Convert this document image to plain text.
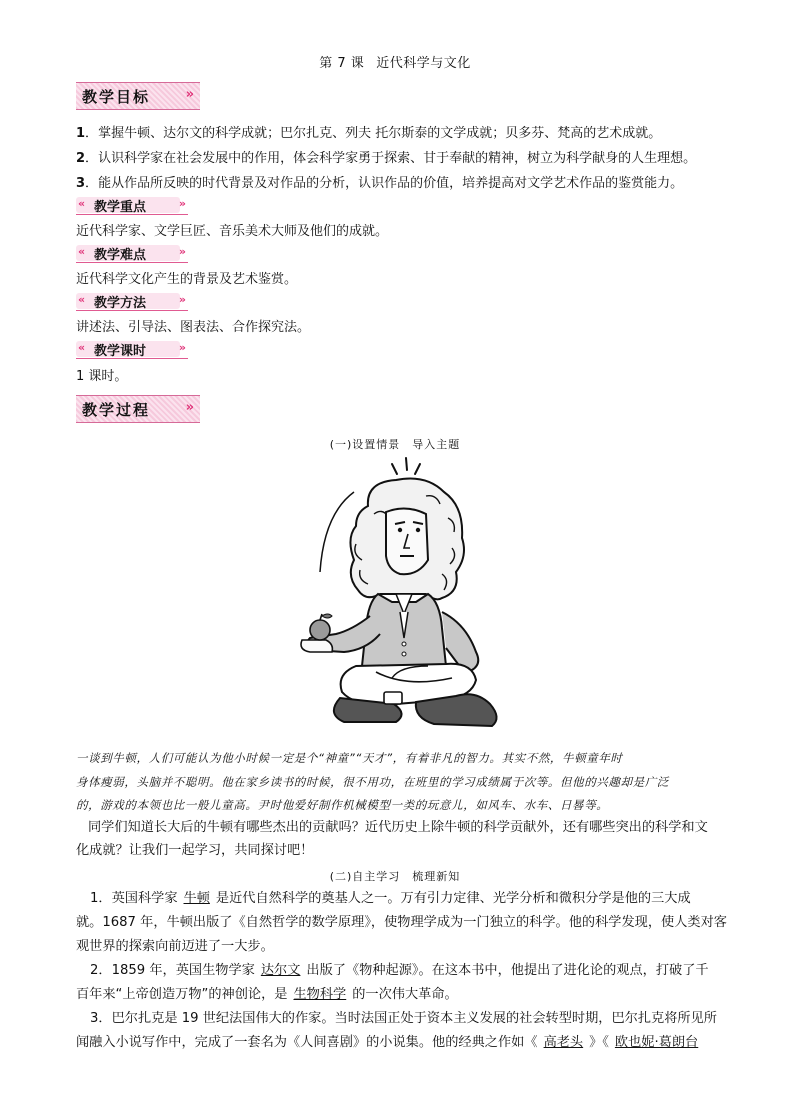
第 7 课 近代科学与文化
教学目标	»
1．掌握牛顿、达尔文的科学成就；巴尔扎克、列夫 托尔斯泰的文学成就；贝多芬、梵高的艺术成就。
2．认识科学家在社会发展中的作用，体会科学家勇于探索、甘于奉献的精神，树立为科学献身的人生理想。
3．能从作品所反映的时代背景及对作品的分析，认识作品的价值，培养提高对文学艺术作品的鉴赏能力。
« 教学重点	»
近代科学家、文学巨匠、音乐美术大师及他们的成就。
« 教学难点	»
近代科学文化产生的背景及艺术鉴赏。
« 教学方法	»
讲述法、引导法、图表法、合作探究法。
« 教学课时	»
1 课时。
教学过程	»
(一)设置情景　导入主题
一谈到牛顿，人们可能认为他小时候一定是个“神童”“天才”，有着非凡的智力。其实不然，牛顿童年时
身体瘦弱，头脑并不聪明。他在家乡读书的时候，很不用功，在班里的学习成绩属于次等。但他的兴趣却是广泛
的，游戏的本领也比一般儿童高。尹时他爱好制作机械模型一类的玩意儿，如风车、水车、日晷等。
同学们知道长大后的牛顿有哪些杰出的贡献吗？近代历史上除牛顿的科学贡献外，还有哪些突出的科学和文
化成就？让我们一起学习，共同探讨吧！
(二)自主学习　梳理新知
1．英国科学家 牛顿 是近代自然科学的奠基人之一。万有引力定律、光学分析和微积分学是他的三大成
就。1687 年，牛顿出版了《自然哲学的数学原理》，使物理学成为一门独立的科学。他的科学发现，使人类对客
观世界的探索向前迈进了一大步。
2．1859 年，英国生物学家 达尔文 出版了《物种起源》。在这本书中，他提出了进化论的观点，打破了千
百年来“上帝创造万物”的神创论，是 生物科学 的一次伟大革命。
3．巴尔扎克是 19 世纪法国伟大的作家。当时法国正处于资本主义发展的社会转型时期，巴尔扎克将所见所
闻融入小说写作中，完成了一套名为《人间喜剧》的小说集。他的经典之作如《 高老头 》《 欧也妮·葛朗台
